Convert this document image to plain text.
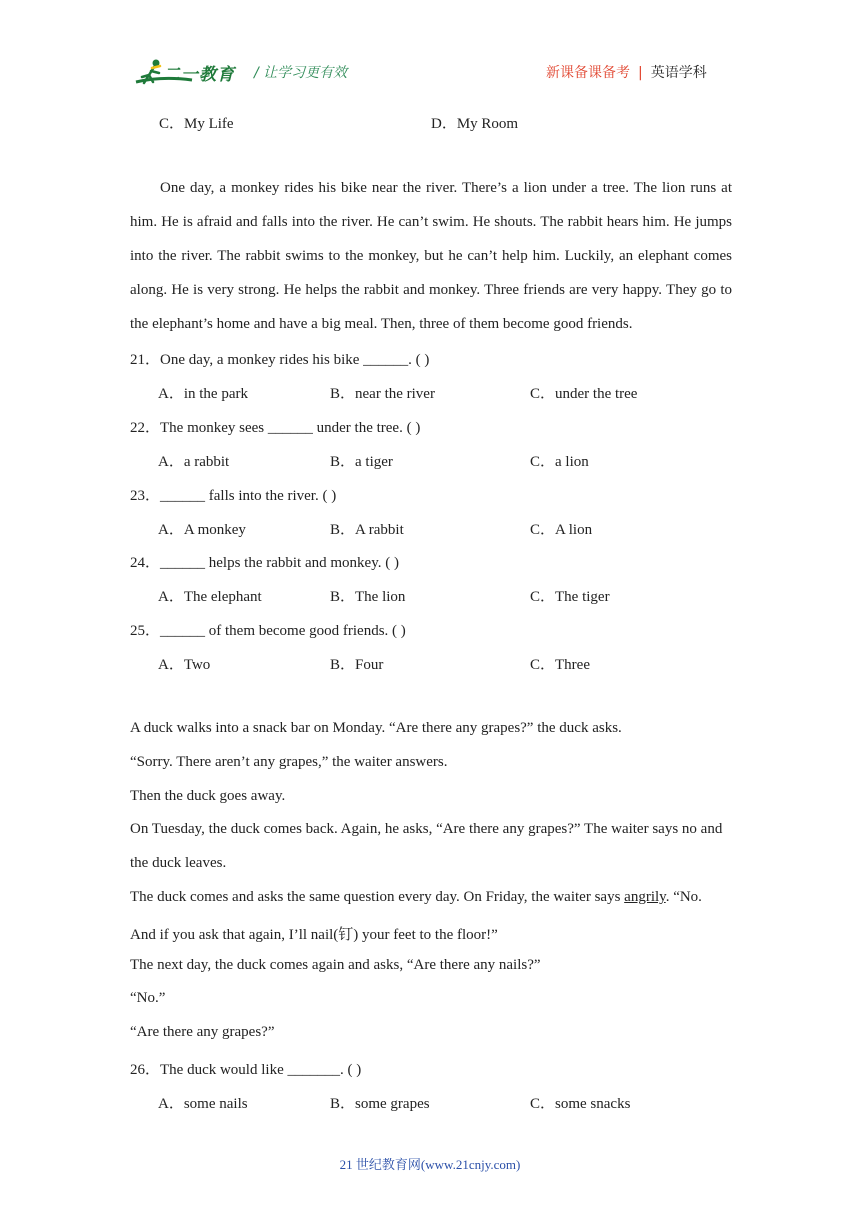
二一教育 / 让学习更有效	新课备课备考 | 英语学科
C．My Life	D．My Room
One day, a monkey rides his bike near the river. There’s a lion under a tree. The lion runs at him. He is afraid and falls into the river. He can’t swim. He shouts. The rabbit hears him. He jumps into the river. The rabbit swims to the monkey, but he can’t help him. Luckily, an elephant comes along. He is very strong. He helps the rabbit and monkey. Three friends are very happy. They go to the elephant’s home and have a big meal. Then, three of them become good friends.
21．One day, a monkey rides his bike ______. ( )
A．in the park	B．near the river	C．under the tree
22．The monkey sees ______ under the tree. ( )
A．a rabbit	B．a tiger	C．a lion
23．______ falls into the river. ( )
A．A monkey	B．A rabbit	C．A lion
24．______ helps the rabbit and monkey. ( )
A．The elephant	B．The lion	C．The tiger
25．______ of them become good friends. ( )
A．Two	B．Four	C．Three
A duck walks into a snack bar on Monday. “Are there any grapes?” the duck asks.
“Sorry. There aren’t any grapes,” the waiter answers.
Then the duck goes away.
On Tuesday, the duck comes back. Again, he asks, “Are there any grapes?” The waiter says no and
the duck leaves.
The duck comes and asks the same question every day. On Friday, the waiter says angrily. “No.
And if you ask that again, I’ll nail(钉) your feet to the floor!”
The next day, the duck comes again and asks, “Are there any nails?”
“No.”
“Are there any grapes?”
26．The duck would like _______. ( )
A．some nails	B．some grapes	C．some snacks
21 世纪教育网(www.21cnjy.com)
